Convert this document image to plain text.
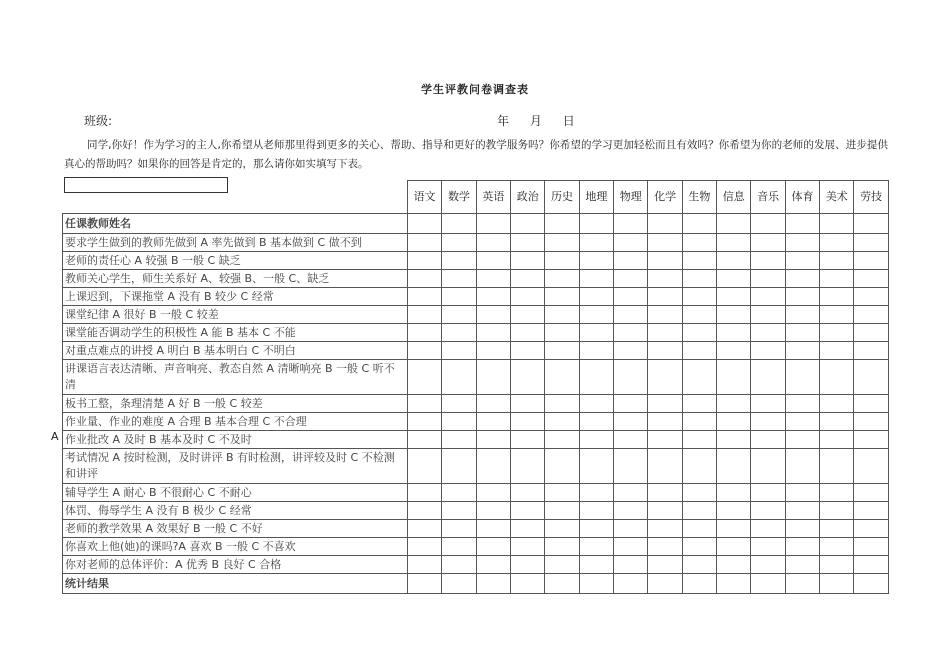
学生评教问卷调查表
班级:	年 月 日
同学,你好！作为学习的主人,你希望从老师那里得到更多的关心、帮助、指导和更好的教学服务吗？你希望的学习更加轻松而且有效吗？你希望为你的老师的发展、进步提供真心的帮助吗？如果你的回答是肯定的，那么请你如实填写下表。
A
	语文	数学	英语	政治	历史	地理	物理	化学	生物	信息	音乐	体育	美术	劳技
任课教师姓名														
要求学生做到的教师先做到 A 率先做到 B 基本做到 C 做不到														
老师的责任心 A 较强 B 一般 C 缺乏														
教师关心学生，师生关系好 A、较强 B、一般 C、缺乏														
上课迟到，下课拖堂 A 没有 B 较少 C 经常														
课堂纪律 A 很好 B 一般 C 较差														
课堂能否调动学生的积极性 A 能 B 基本 C 不能														
对重点难点的讲授 A 明白 B 基本明白 C 不明白														
讲课语言表达清晰、声音响亮、教态自然 A 清晰响亮 B 一般 C 听不清														
板书工整，条理清楚 A 好 B 一般 C 较差														
作业量、作业的难度 A 合理 B 基本合理 C 不合理														
作业批改 A 及时 B 基本及时 C 不及时														
考试情况 A 按时检测，及时讲评 B 有时检测，讲评较及时 C 不检测和讲评														
辅导学生 A 耐心 B 不很耐心 C 不耐心														
体罚、侮辱学生 A 没有 B 极少 C 经常														
老师的教学效果 A 效果好 B 一般 C 不好														
你喜欢上他(她)的课吗?A 喜欢 B 一般 C 不喜欢														
你对老师的总体评价：A 优秀 B 良好 C 合格														
统计结果														
